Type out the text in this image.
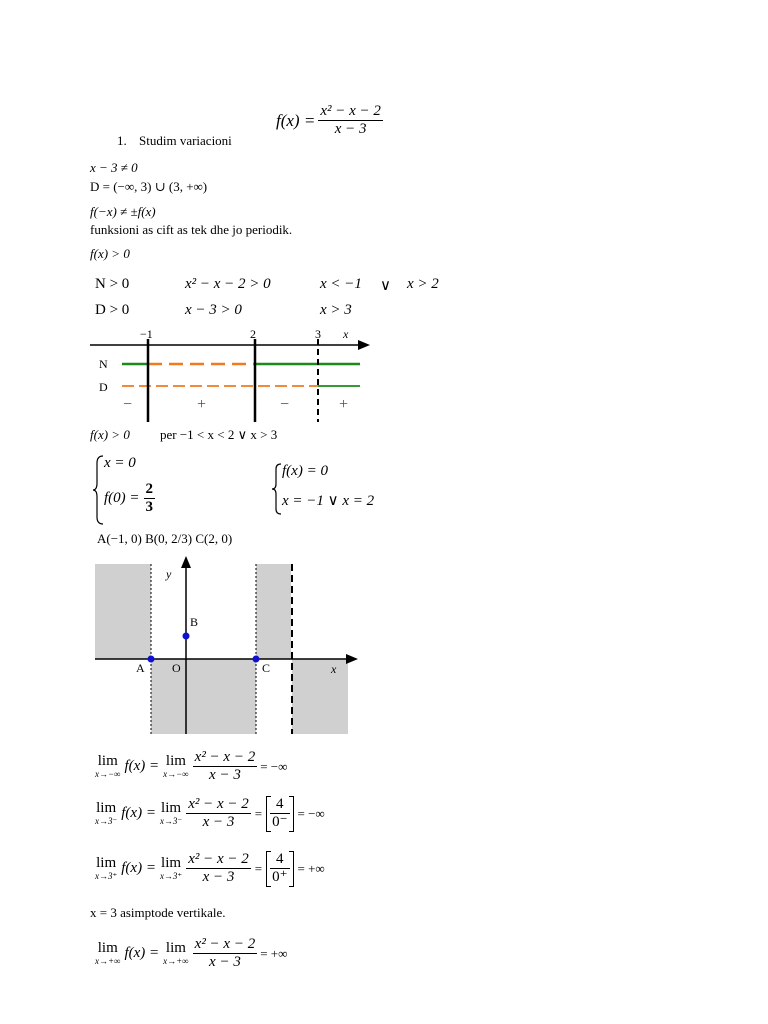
1. Studim variacioni
$f(x) = \frac{\text{x² − x − 2}}{x - 3}$
x − 3 ≠ 0
D = (−∞, 3) ∪ (3, +∞)
f(−x) ≠ ±f(x)
funksioni as cift as tek dhe jo periodik.
f(x) > 0
N > 0	x² − x − 2 > 0	x < −1 ∨ x > 2
D > 0	x − 3 > 0	x > 3
−1	2	3 x
N
D
−	+	−	+
f(x) > 0 per −1 < x < 2 ∨ x > 3
x = 0
$f(0) = \frac{2}{3}$
f(x) = 0
x = −1 ∨ x = 2
A(−1, 0) B(0, 2/3) C(2, 0)
y
x
A O
B
C
lim
x→−∞ f(x) = lim
$x\to-\infty \frac{\text{x² − x − 2}}{x - 3}$ = −∞
lim
x→3⁻ f(x) = lim
$x\to 3^- \frac{\text{x² − x − 2}}{x - 3} = \frac{4}{0^-}$ = −∞
lim
x→3⁺ f(x) = lim
$x\to 3^+ \frac{\text{x² − x − 2}}{x - 3} = \frac{4}{0^+}$ = +∞
x = 3 asimptode vertikale.
lim
x→+∞ f(x) = lim
$x\to+\infty \frac{\text{x² − x − 2}}{x - 3}$ = +∞
